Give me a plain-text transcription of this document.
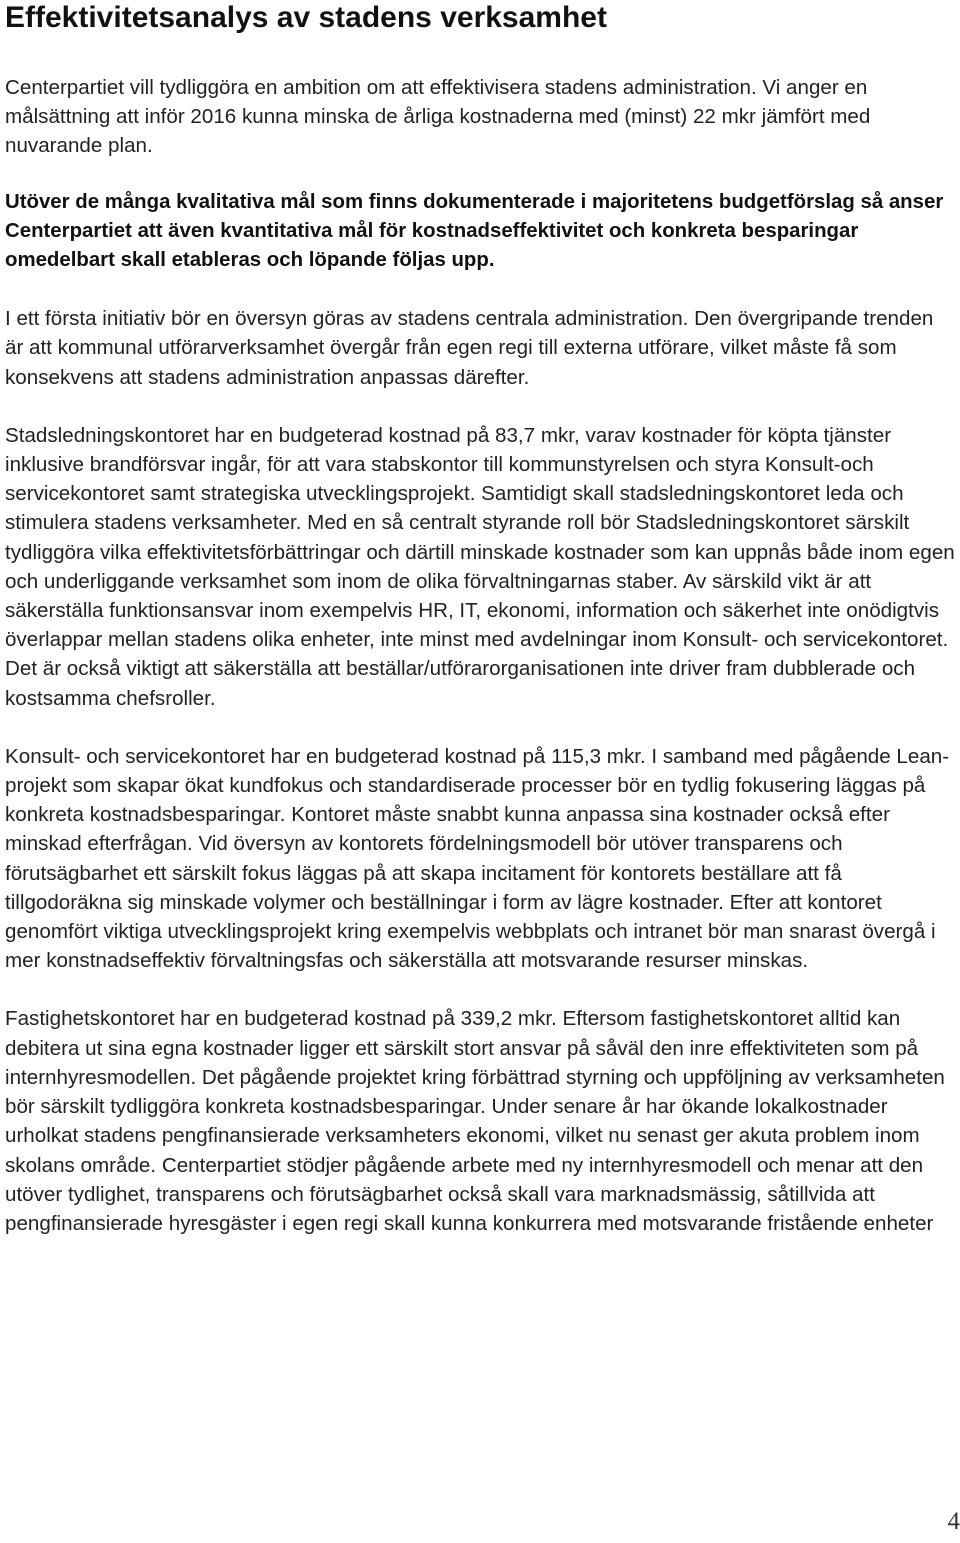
Effektivitetsanalys av stadens verksamhet

Centerpartiet vill tydliggöra en ambition om att effektivisera stadens administration. Vi anger en målsättning att inför 2016 kunna minska de årliga kostnaderna med (minst) 22 mkr jämfört med nuvarande plan.

Utöver de många kvalitativa mål som finns dokumenterade i majoritetens budgetförslag så anser Centerpartiet att även kvantitativa mål för kostnadseffektivitet och konkreta besparingar omedelbart skall etableras och löpande följas upp.

I ett första initiativ bör en översyn göras av stadens centrala administration. Den övergripande trenden är att kommunal utförarverksamhet övergår från egen regi till externa utförare, vilket måste få som konsekvens att stadens administration anpassas därefter.

Stadsledningskontoret har en budgeterad kostnad på 83,7 mkr, varav kostnader för köpta tjänster inklusive brandförsvar ingår, för att vara stabskontor till kommunstyrelsen och styra Konsult-och servicekontoret samt strategiska utvecklingsprojekt. Samtidigt skall stadsledningskontoret leda och stimulera stadens verksamheter. Med en så centralt styrande roll bör Stadsledningskontoret särskilt tydliggöra vilka effektivitetsförbättringar och därtill minskade kostnader som kan uppnås både inom egen och underliggande verksamhet som inom de olika förvaltningarnas staber. Av särskild vikt är att säkerställa funktionsansvar inom exempelvis HR, IT, ekonomi, information och säkerhet inte onödigtvis överlappar mellan stadens olika enheter, inte minst med avdelningar inom Konsult- och servicekontoret. Det är också viktigt att säkerställa att beställar/utförarorganisationen inte driver fram dubblerade och kostsamma chefsroller.

Konsult- och servicekontoret har en budgeterad kostnad på 115,3 mkr. I samband med pågående Lean-projekt som skapar ökat kundfokus och standardiserade processer bör en tydlig fokusering läggas på konkreta kostnadsbesparingar. Kontoret måste snabbt kunna anpassa sina kostnader också efter minskad efterfrågan. Vid översyn av kontorets fördelningsmodell bör utöver transparens och förutsägbarhet ett särskilt fokus läggas på att skapa incitament för kontorets beställare att få tillgodoräkna sig minskade volymer och beställningar i form av lägre kostnader. Efter att kontoret genomfört viktiga utvecklingsprojekt kring exempelvis webbplats och intranet bör man snarast övergå i mer konstnadseffektiv förvaltningsfas och säkerställa att motsvarande resurser minskas.

Fastighetskontoret har en budgeterad kostnad på 339,2 mkr. Eftersom fastighetskontoret alltid kan debitera ut sina egna kostnader ligger ett särskilt stort ansvar på såväl den inre effektiviteten som på internhyresmodellen. Det pågående projektet kring förbättrad styrning och uppföljning av verksamheten bör särskilt tydliggöra konkreta kostnadsbesparingar. Under senare år har ökande lokalkostnader urholkat stadens pengfinansierade verksamheters ekonomi, vilket nu senast ger akuta problem inom skolans område. Centerpartiet stödjer pågående arbete med ny internhyresmodell och menar att den utöver tydlighet, transparens och förutsägbarhet också skall vara marknadsmässig, såtillvida att pengfinansierade hyresgäster i egen regi skall kunna konkurrera med motsvarande fristående enheter

4
